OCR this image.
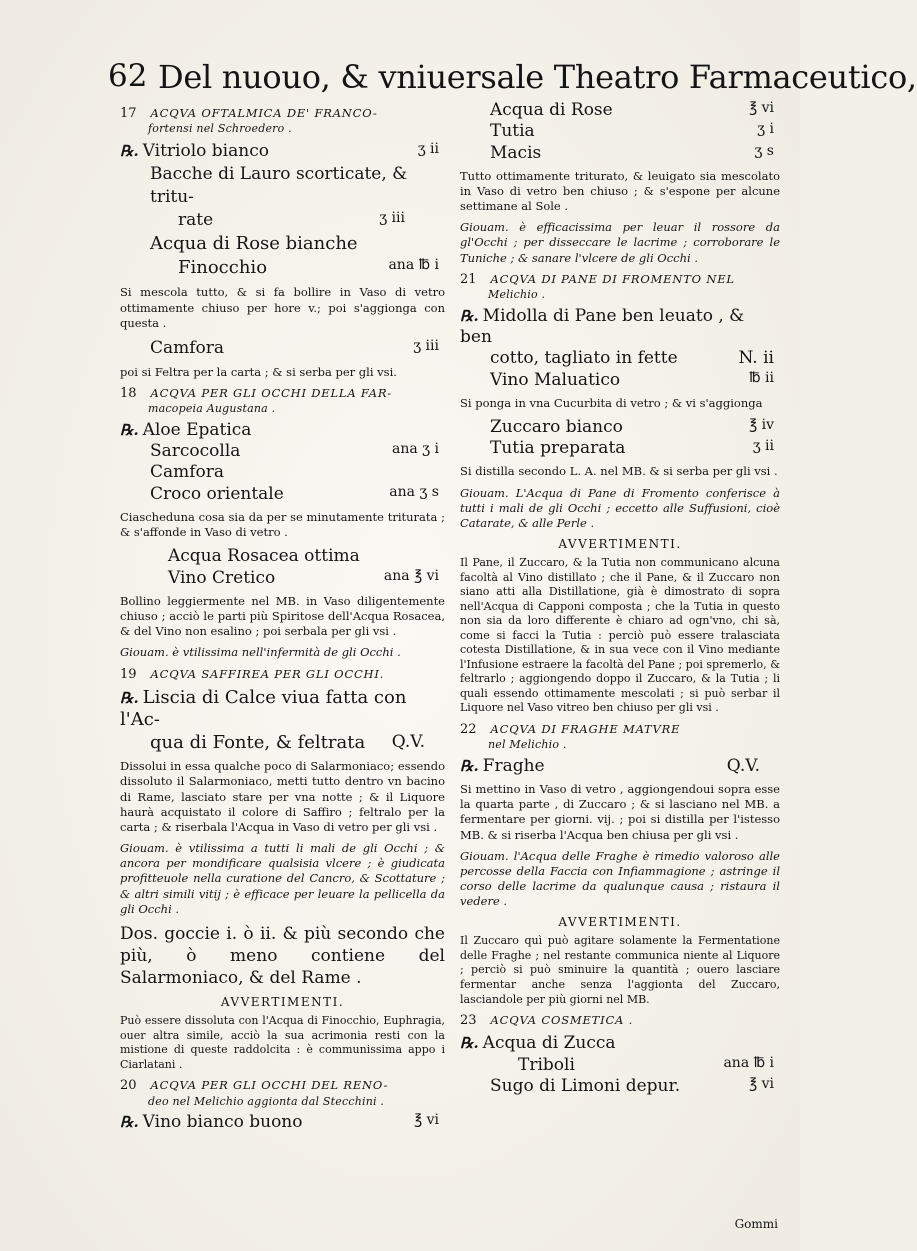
62 Del nuouo, & vniuersale Theatro Farmaceutico,
17 ACQVA OFTALMICA DE' FRANCO-
fortensi nel Schroedero .
℞. Vitriolo bianco	ʒ ii
Bacche di Lauro scorticate, & tritu-
rate	ʒ iii
Acqua di Rose bianche
Finocchio	ana ℔ i
Si mescola tutto, & si fa bollire in Vaso di vetro ottimamente chiuso per hore v.; poi s'aggionga con questa .
Camfora	ʒ iii
poi si Feltra per la carta ; & si serba per gli vsi.
18 ACQVA PER GLI OCCHI DELLA FAR-
macopeia Augustana .
℞. Aloe Epatica
Sarcocolla	ana ʒ i
Camfora
Croco orientale	ana ʒ s
Ciascheduna cosa sia da per se minutamente triturata ; & s'affonde in Vaso di vetro .
Acqua Rosacea ottima
Vino Cretico	ana ℥ vi
Bollino leggiermente nel MB. in Vaso diligentemente chiuso ; acciò le parti più Spiritose dell'Acqua Rosacea, & del Vino non esalino ; poi serbala per gli vsi .
Giouam. è vtilissima nell'infermità de gli Occhi .
19 ACQVA SAFFIREA PER GLI OCCHI.
℞. Liscia di Calce viua fatta con l'Ac-
qua di Fonte, & feltrata Q.V.
Dissolui in essa qualche poco di Salarmoniaco; essendo dissoluto il Salarmoniaco, metti tutto dentro vn bacino di Rame, lasciato stare per vna notte ; & il Liquore haurà acquistato il colore di Saffiro ; feltralo per la carta ; & riserbala l'Acqua in Vaso di vetro per gli vsi .
Giouam. è vtilissima a tutti li mali de gli Occhi ; & ancora per mondificare qualsisia vlcere ; è giudicata profitteuole nella curatione del Cancro, & Scottature ; & altri simili vitij ; è efficace per leuare la pellicella da gli Occhi .
Dos. goccie i. ò ii. & più secondo che più, ò meno contiene del Salarmoniaco, & del Rame .
AVVERTIMENTI.
Può essere dissoluta con l'Acqua di Finocchio, Euphragia, ouer altra simile, acciò la sua acrimonia resti con la mistione di queste raddolcita : è communissima appo i Ciarlatani .
20 ACQVA PER GLI OCCHI DEL RENO-
deo nel Melichio aggionta dal Stecchini .
℞. Vino bianco buono	℥ vi
Acqua di Rose	℥ vi
Tutia	ʒ i
Macis	ʒ s
Tutto ottimamente triturato, & leuigato sia mescolato in Vaso di vetro ben chiuso ; & s'espone per alcune settimane al Sole .
Giouam. è efficacissima per leuar il rossore da gl'Occhi ; per disseccare le lacrime ; corroborare le Tuniche ; & sanare l'vlcere de gli Occhi .
21 ACQVA DI PANE DI FROMENTO NEL
Melichio .
℞. Midolla di Pane ben leuato , & ben
cotto, tagliato in fette	N. ii
Vino Maluatico	℔ ii
Si ponga in vna Cucurbita di vetro ; & vi s'aggionga
Zuccaro bianco	℥ iv
Tutia preparata	ʒ ii
Si distilla secondo L. A. nel MB. & si serba per gli vsi .
Giouam. L'Acqua di Pane di Fromento conferisce à tutti i mali de gli Occhi ; eccetto alle Suffusioni, cioè Catarate, & alle Perle .
AVVERTIMENTI.
Il Pane, il Zuccaro, & la Tutia non communicano alcuna facoltà al Vino distillato ; che il Pane, & il Zuccaro non siano atti alla Distillatione, già è dimostrato di sopra nell'Acqua di Capponi composta ; che la Tutia in questo non sia da loro differente è chiaro ad ogn'vno, chi sà, come si facci la Tutia : perciò può essere tralasciata cotesta Distillatione, & in sua vece con il Vino mediante l'Infusione estraere la facoltà del Pane ; poi spremerlo, & feltrarlo ; aggiongendo doppo il Zuccaro, & la Tutia ; li quali essendo ottimamente mescolati ; si può serbar il Liquore nel Vaso vitreo ben chiuso per gli vsi .
22 ACQVA DI FRAGHE MATVRE
nel Melichio .
℞. Fraghe	Q.V.
Si mettino in Vaso di vetro , aggiongendoui sopra esse la quarta parte , di Zuccaro ; & si lasciano nel MB. a fermentare per giorni. vij. ; poi si distilla per l'istesso MB. & si riserba l'Acqua ben chiusa per gli vsi .
Giouam. l'Acqua delle Fraghe è rimedio valoroso alle percosse della Faccia con Infiammagione ; astringe il corso delle lacrime da qualunque causa ; ristaura il vedere .
AVVERTIMENTI.
Il Zuccaro quì può agitare solamente la Fermentatione delle Fraghe ; nel restante communica niente al Liquore ; perciò si può sminuire la quantità ; ouero lasciare fermentar anche senza l'aggionta del Zuccaro, lasciandole per più giorni nel MB.
23 ACQVA COSMETICA .
℞. Acqua di Zucca
Triboli	ana ℔ i
Sugo di Limoni depur.	℥ vi
Gommi
